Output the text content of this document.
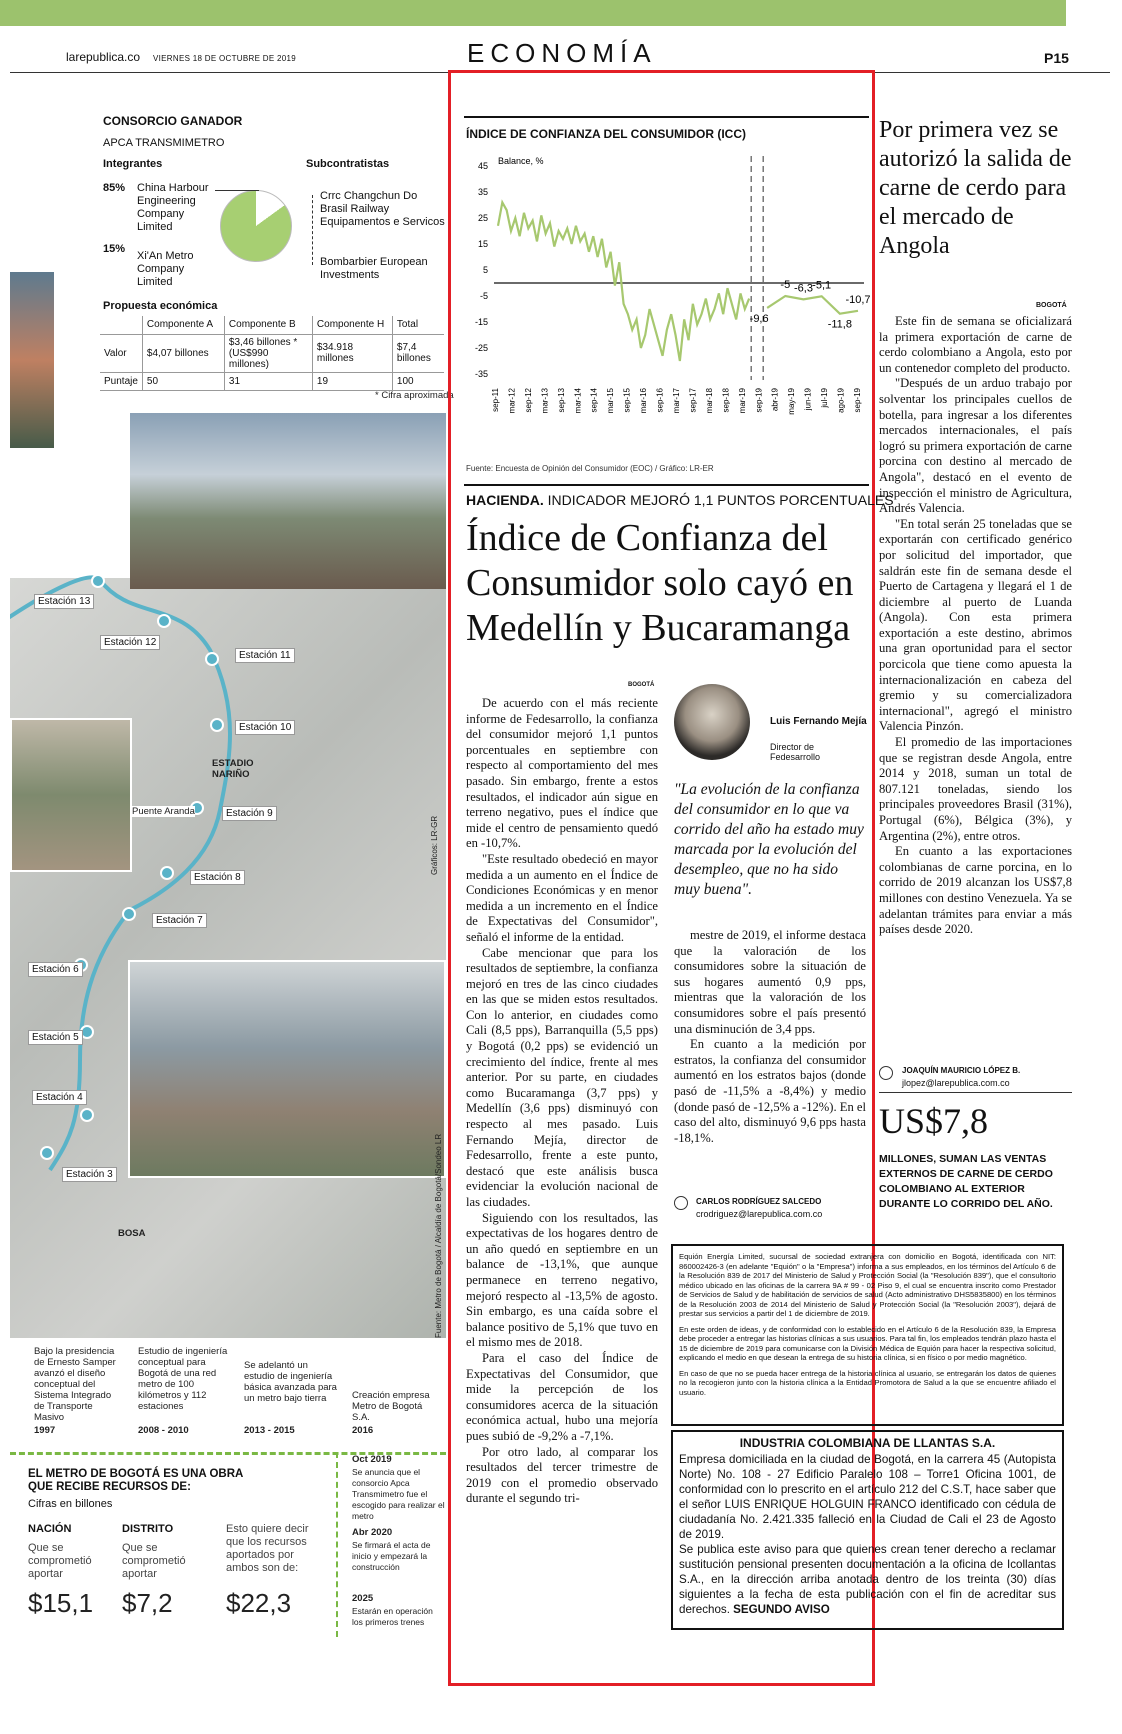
larepublica.co VIERNES 18 DE OCTUBRE DE 2019	ECONOMÍA	P15
CONSORCIO GANADOR
APCA TRANSMIMETRO
Integrantes	Subcontratistas
85% China Harbour Engineering Company Limited
15%
Xi'An Metro Company Limited
Crrc Changchun Do Brasil Railway Equipamentos e Servicos
Bombarbier European Investments
Propuesta económica
	Componente A	Componente B	Componente H	Total
Valor	$4,07 billones	$3,46 billones * (US$990 millones)	$34.918 millones	$7,4 billones
Puntaje	50	31	19	100
* Cifra aproximada
Estación 13
Estación 12
Estación 11
Estación 10
Estación 9
Estación 8
Estación 7
Estación 6
Estación 5
Estación 4
Estación 3
ESTADIO NARIÑO
Puente Aranda
BOSA
Gráficos: LR-GR
Fuente: Metro de Bogotá / Alcaldía de Bogotá/Sondeo LR
Bajo la presidencia de Ernesto Samper avanzó el diseño conceptual del Sistema Integrado de Transporte Masivo
Estudio de ingeniería conceptual para Bogotá de una red metro de 100 kilómetros y 112 estaciones
Se adelantó un estudio de ingeniería básica avanzada para un metro bajo tierra	Creación empresa Metro de Bogotá S.A.
1997	2008 - 2010	2013 - 2015	2016
Oct 2019
Se anuncia que el consorcio Apca Transmimetro fue el escogido para realizar el metro
Abr 2020
Se firmará el acta de inicio y empezará la construcción
2025
Estarán en operación los primeros trenes
EL METRO DE BOGOTÁ ES UNA OBRA QUE RECIBE RECURSOS DE:
Cifras en billones
NACIÓN
Que se comprometió aportar
$15,1
DISTRITO
Que se comprometió aportar
$7,2
Esto quiere decir que los recursos aportados por ambos son de:
$22,3
ÍNDICE DE CONFIANZA DEL CONSUMIDOR (ICC)
45
35
25
15
5
-5
-15
-25
-35
Balance, %
-9,6
-5 -6,3 -5,1
-11,8
-10,7
sep-11 mar-12 sep-12 mar-13 sep-13 mar-14 sep-14 mar-15 sep-15 mar-16 sep-16 mar-17 sep-17 mar-18 sep-18 mar-19 sep-19 abr-19 may-19 jun-19 jul-19 ago-19 sep-19
Fuente: Encuesta de Opinión del Consumidor (EOC) / Gráfico: LR-ER
HACIENDA. INDICADOR MEJORÓ 1,1 PUNTOS PORCENTUALES
Índice de Confianza del Consumidor solo cayó en Medellín y Bucaramanga
BOGOTÁ

De acuerdo con el más reciente informe de Fedesarrollo, la confianza del consumidor mejoró 1,1 puntos porcentuales en septiembre con respecto al comportamiento del mes pasado. Sin embargo, frente a estos resultados, el indicador aún sigue en terreno negativo, pues el índice que mide el centro de pensamiento quedó en -10,7%.

"Este resultado obedeció en mayor medida a un aumento en el Índice de Condiciones Económicas y en menor medida a un incremento en el Índice de Expectativas del Consumidor", señaló el informe de la entidad.

Cabe mencionar que para los resultados de septiembre, la confianza mejoró en tres de las cinco ciudades en las que se miden estos resultados. Con lo anterior, en ciudades como Cali (8,5 pps), Barranquilla (5,5 pps) y Bogotá (0,2 pps) se evidenció un crecimiento del índice, frente al mes anterior. Por su parte, en ciudades como Bucaramanga (3,7 pps) y Medellín (3,6 pps) disminuyó con respecto al mes pasado. Luis Fernando Mejía, director de Fedesarrollo, frente a este punto, destacó que este análisis busca evidenciar la evolución nacional de las ciudades.

Siguiendo con los resultados, las expectativas de los hogares dentro de un año quedó en septiembre en un balance de -13,1%, que aunque permanece en terreno negativo, mejoró respecto al -13,5% de agosto. Sin embargo, es una caída sobre el balance positivo de 5,1% que tuvo en el mismo mes de 2018.

Para el caso del Índice de Expectativas del Consumidor, que mide la percepción de los consumidores acerca de la situación económica actual, hubo una mejoría pues subió de -9,2% a -7,1%.

Por otro lado, al comparar los resultados del tercer trimestre de 2019 con el promedio observado durante el segundo tri-

Luis Fernando Mejía
Director de Fedesarrollo
"La evolución de la confianza del consumidor en lo que va corrido del año ha estado muy marcada por la evolución del desempleo, que no ha sido muy buena".

mestre de 2019, el informe destaca que la valoración de los consumidores sobre la situación de sus hogares aumentó 0,9 pps, mientras que la valoración de los consumidores sobre el país presentó una disminución de 3,4 pps.

En cuanto a la medición por estratos, la confianza del consumidor aumentó en los estratos bajos (donde pasó de -11,5% a -8,4%) y medio (donde pasó de -12,5% a -12%). En el caso del alto, disminuyó 9,6 pps hasta -18,1%.

CARLOS RODRÍGUEZ SALCEDO
crodriguez@larepublica.com.co
Por primera vez se autorizó la salida de carne de cerdo para el mercado de Angola
BOGOTÁ

Este fin de semana se oficializará la primera exportación de carne de cerdo colombiano a Angola, esto por un contenedor completo del producto.

"Después de un arduo trabajo por solventar los principales cuellos de botella, para ingresar a los diferentes mercados internacionales, el país logró su primera exportación de carne porcina con destino al mercado de Angola", destacó en el evento de inspección el ministro de Agricultura, Andrés Valencia.

"En total serán 25 toneladas que se exportarán con certificado genérico por solicitud del importador, que saldrán este fin de semana desde el Puerto de Cartagena y llegará el 1 de diciembre al puerto de Luanda (Angola). Con esta primera exportación a este destino, abrimos una gran oportunidad para el sector porcicola que tiene como apuesta la internacionalización en cabeza del gremio y su comercializadora internacional", agregó el ministro Valencia Pinzón.

El promedio de las importaciones que se registran desde Angola, entre 2014 y 2018, suman un total de 807.121 toneladas, siendo los principales proveedores Brasil (31%), Portugal (6%), Bélgica (3%), y Argentina (2%), entre otros.

En cuanto a las exportaciones colombianas de carne porcina, en lo corrido de 2019 alcanzan los US$7,8 millones con destino Venezuela. Ya se adelantan trámites para enviar a más países desde 2020.

JOAQUÍN MAURICIO LÓPEZ B.
jlopez@larepublica.com.co
US$7,8
MILLONES, SUMAN LAS VENTAS EXTERNOS DE CARNE DE CERDO COLOMBIANO AL EXTERIOR DURANTE LO CORRIDO DEL AÑO.

Equión Energía Limited, sucursal de sociedad extranjera con domicilio en Bogotá, identificada con NIT: 860002426-3 (en adelante "Equión" o la "Empresa") informa a sus empleados, en los términos del Artículo 6 de la Resolución 839 de 2017 del Ministerio de Salud y Protección Social (la "Resolución 839"), que el consultorio médico ubicado en las oficinas de la carrera 9A # 99 - 02 Piso 9, el cual se encuentra inscrito como Prestador de Servicios de Salud y de habilitación de servicios de salud (Acto administrativo DHS5835800) en los términos de la Resolución 2003 de 2014 del Ministerio de Salud y Protección Social (la "Resolución 2003"), dejará de prestar sus servicios a partir del 1 de diciembre de 2019.

En este orden de ideas, y de conformidad con lo establecido en el Artículo 6 de la Resolución 839, la Empresa debe proceder a entregar las historias clínicas a sus usuarios. Para tal fin, los empleados tendrán plazo hasta el 15 de diciembre de 2019 para comunicarse con la División Médica de Equión para hacer la respectiva solicitud, explicando el medio en que desean la entrega de su historia clínica, si en físico o por medio magnético.

En caso de que no se pueda hacer entrega de la historia clínica al usuario, se entregarán los datos de quienes no la recogieron junto con la historia clínica a la Entidad Promotora de Salud a la que se encuentre afiliado el usuario.

INDUSTRIA COLOMBIANA DE LLANTAS S.A.

Empresa domiciliada en la ciudad de Bogotá, en la carrera 45 (Autopista Norte) No. 108 - 27 Edificio Paralelo 108 – Torre1 Oficina 1001, de conformidad con lo prescrito en el artículo 212 del C.S.T, hace saber que el señor LUIS ENRIQUE HOLGUIN FRANCO identificado con cédula de ciudadanía No. 2.421.335 falleció en la Ciudad de Cali el 23 de Agosto de 2019.

Se publica este aviso para que quienes crean tener derecho a reclamar sustitución pensional presenten documentación a la oficina de Icollantas S.A., en la dirección arriba anotada dentro de los treinta (30) días siguientes a la fecha de esta publicación con el fin de acreditar sus derechos. SEGUNDO AVISO
